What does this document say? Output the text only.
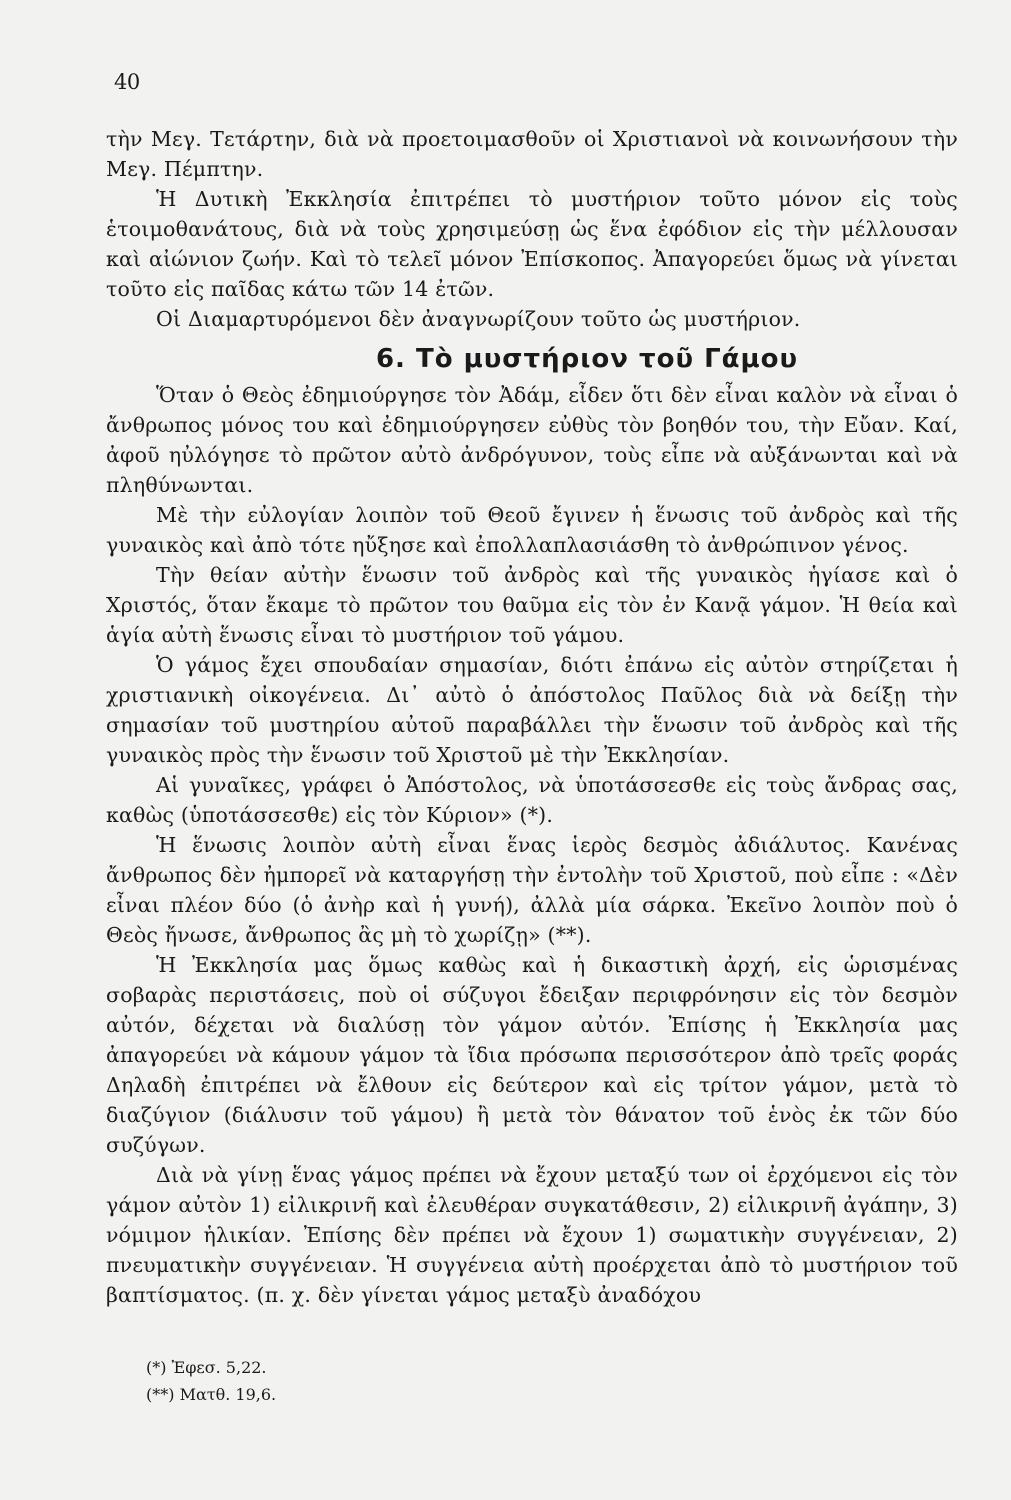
40

τὴν Μεγ. Τετάρτην, διὰ νὰ προετοιμασθοῦν οἱ Χριστιανοὶ νὰ κοινωνήσουν τὴν Μεγ. Πέμπτην.

Ἡ Δυτικὴ Ἐκκλησία ἐπιτρέπει τὸ μυστήριον τοῦτο μόνον εἰς τοὺς ἑτοιμοθανάτους, διὰ νὰ τοὺς χρησιμεύσῃ ὡς ἕνα ἐφόδιον εἰς τὴν μέλλουσαν καὶ αἰώνιον ζωήν. Καὶ τὸ τελεῖ μόνον Ἐπίσκοπος. Ἀπαγορεύει ὅμως νὰ γίνεται τοῦτο εἰς παῖδας κάτω τῶν 14 ἐτῶν.

Οἱ Διαμαρτυρόμενοι δὲν ἀναγνωρίζουν τοῦτο ὡς μυστήριον.

6. Τὸ μυστήριον τοῦ Γάμου

Ὅταν ὁ Θεὸς ἐδημιούργησε τὸν Ἀδάμ, εἶδεν ὅτι δὲν εἶναι καλὸν νὰ εἶναι ὁ ἄνθρωπος μόνος του καὶ ἐδημιούργησεν εὐθὺς τὸν βοηθόν του, τὴν Εὔαν. Καί, ἀφοῦ ηὐλόγησε τὸ πρῶτον αὐτὸ ἀνδρόγυνον, τοὺς εἶπε νὰ αὐξάνωνται καὶ νὰ πληθύνωνται.

Μὲ τὴν εὐλογίαν λοιπὸν τοῦ Θεοῦ ἔγινεν ἡ ἕνωσις τοῦ ἀνδρὸς καὶ τῆς γυναικὸς καὶ ἀπὸ τότε ηὔξησε καὶ ἐπολλαπλασιάσθη τὸ ἀνθρώπινον γένος.

Τὴν θείαν αὐτὴν ἕνωσιν τοῦ ἀνδρὸς καὶ τῆς γυναικὸς ἡγίασε καὶ ὁ Χριστός, ὅταν ἔκαμε τὸ πρῶτον του θαῦμα εἰς τὸν ἐν Κανᾷ γάμον. Ἡ θεία καὶ ἁγία αὐτὴ ἕνωσις εἶναι τὸ μυστήριον τοῦ γάμου.

Ὁ γάμος ἔχει σπουδαίαν σημασίαν, διότι ἐπάνω εἰς αὐτὸν στηρίζεται ἡ χριστιανικὴ οἰκογένεια. Δι᾽ αὐτὸ ὁ ἀπόστολος Παῦλος διὰ νὰ δείξῃ τὴν σημασίαν τοῦ μυστηρίου αὐτοῦ παραβάλλει τὴν ἕνωσιν τοῦ ἀνδρὸς καὶ τῆς γυναικὸς πρὸς τὴν ἕνωσιν τοῦ Χριστοῦ μὲ τὴν Ἐκκλησίαν.

Αἱ γυναῖκες, γράφει ὁ Ἀπόστολος, νὰ ὑποτάσσεσθε εἰς τοὺς ἄνδρας σας, καθὼς (ὑποτάσσεσθε) εἰς τὸν Κύριον» (*).

Ἡ ἕνωσις λοιπὸν αὐτὴ εἶναι ἕνας ἱερὸς δεσμὸς ἀδιάλυτος. Κανένας ἄνθρωπος δὲν ἠμπορεῖ νὰ καταργήσῃ τὴν ἐντολὴν τοῦ Χριστοῦ, ποὺ εἶπε : «Δὲν εἶναι πλέον δύο (ὁ ἀνὴρ καὶ ἡ γυνή), ἀλλὰ μία σάρκα. Ἐκεῖνο λοιπὸν ποὺ ὁ Θεὸς ἤνωσε, ἄνθρωπος ἂς μὴ τὸ χωρίζῃ» (**).

Ἡ Ἐκκλησία μας ὅμως καθὼς καὶ ἡ δικαστικὴ ἀρχή, εἰς ὡρισμένας σοβαρὰς περιστάσεις, ποὺ οἱ σύζυγοι ἔδειξαν περιφρόνησιν εἰς τὸν δεσμὸν αὐτόν, δέχεται νὰ διαλύσῃ τὸν γάμον αὐτόν. Ἐπίσης ἡ Ἐκκλησία μας ἀπαγορεύει νὰ κάμουν γάμον τὰ ἴδια πρόσωπα περισσότερον ἀπὸ τρεῖς φοράς Δηλαδὴ ἐπιτρέπει νὰ ἔλθουν εἰς δεύτερον καὶ εἰς τρίτον γάμον, μετὰ τὸ διαζύγιον (διάλυσιν τοῦ γάμου) ἢ μετὰ τὸν θάνατον τοῦ ἑνὸς ἐκ τῶν δύο συζύγων.

Διὰ νὰ γίνῃ ἕνας γάμος πρέπει νὰ ἔχουν μεταξύ των οἱ ἐρχόμενοι εἰς τὸν γάμον αὐτὸν 1) εἰλικρινῆ καὶ ἐλευθέραν συγκατάθεσιν, 2) εἰλικρινῆ ἀγάπην, 3) νόμιμον ἡλικίαν. Ἐπίσης δὲν πρέπει νὰ ἔχουν 1) σωματικὴν συγγένειαν, 2) πνευματικὴν συγγένειαν. Ἡ συγγένεια αὐτὴ προέρχεται ἀπὸ τὸ μυστήριον τοῦ βαπτίσματος. (π. χ. δὲν γίνεται γάμος μεταξὺ ἀναδόχου

(*) Ἐφεσ. 5,22.

(**) Ματθ. 19,6.
